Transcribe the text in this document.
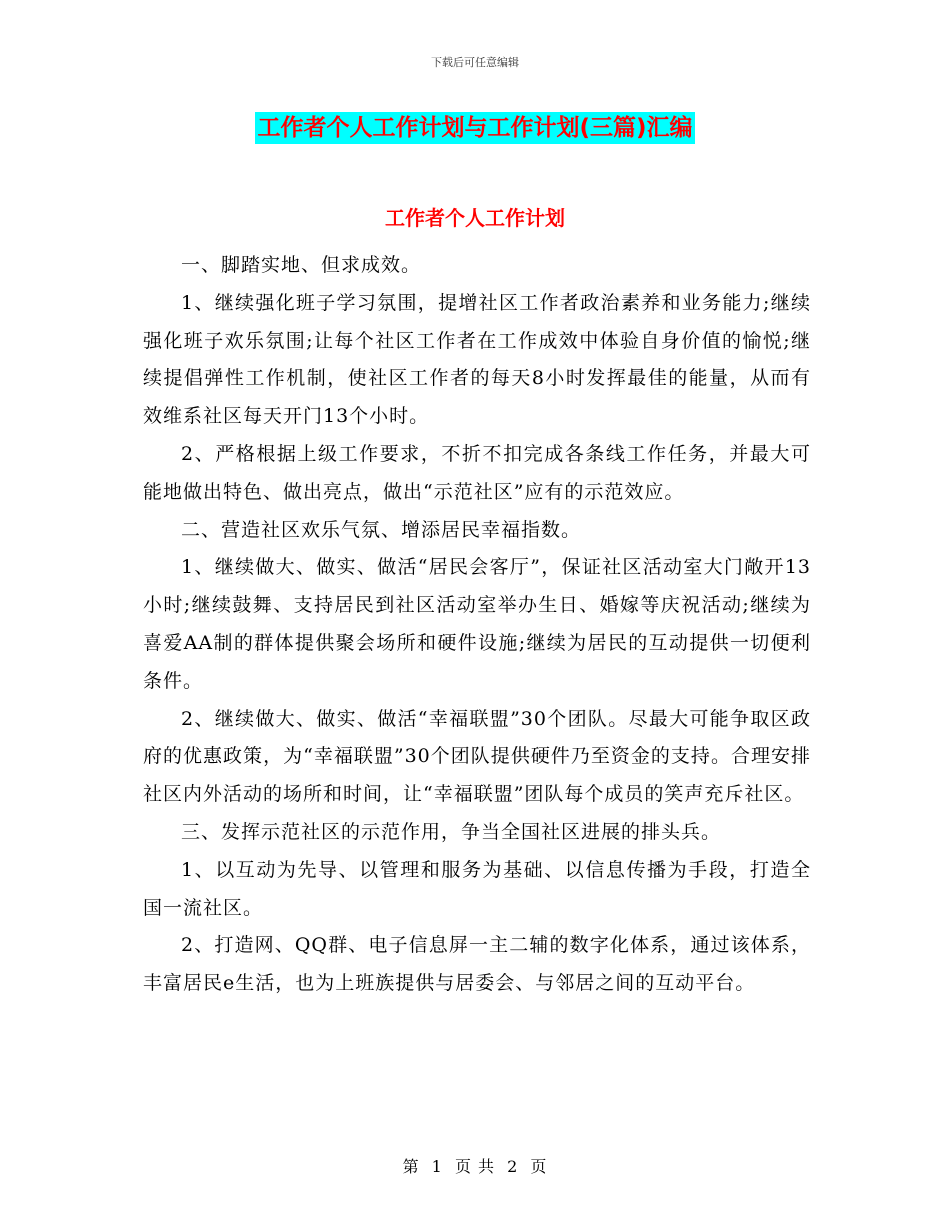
下载后可任意编辑
工作者个人工作计划与工作计划(三篇)汇编
工作者个人工作计划

一、脚踏实地、但求成效。

1、继续强化班子学习氛围，提增社区工作者政治素养和业务能力;继续强化班子欢乐氛围;让每个社区工作者在工作成效中体验自身价值的愉悦;继续提倡弹性工作机制，使社区工作者的每天8小时发挥最佳的能量，从而有效维系社区每天开门13个小时。

2、严格根据上级工作要求，不折不扣完成各条线工作任务，并最大可能地做出特色、做出亮点，做出“示范社区”应有的示范效应。

二、营造社区欢乐气氛、增添居民幸福指数。

1、继续做大、做实、做活“居民会客厅”，保证社区活动室大门敞开13小时;继续鼓舞、支持居民到社区活动室举办生日、婚嫁等庆祝活动;继续为喜爱AA制的群体提供聚会场所和硬件设施;继续为居民的互动提供一切便利条件。

2、继续做大、做实、做活“幸福联盟”30个团队。尽最大可能争取区政府的优惠政策，为“幸福联盟”30个团队提供硬件乃至资金的支持。合理安排社区内外活动的场所和时间，让“幸福联盟”团队每个成员的笑声充斥社区。

三、发挥示范社区的示范作用，争当全国社区进展的排头兵。

1、以互动为先导、以管理和服务为基础、以信息传播为手段，打造全国一流社区。

2、打造网、QQ群、电子信息屏一主二辅的数字化体系，通过该体系，丰富居民e生活，也为上班族提供与居委会、与邻居之间的互动平台。

第 1 页 共 2 页
